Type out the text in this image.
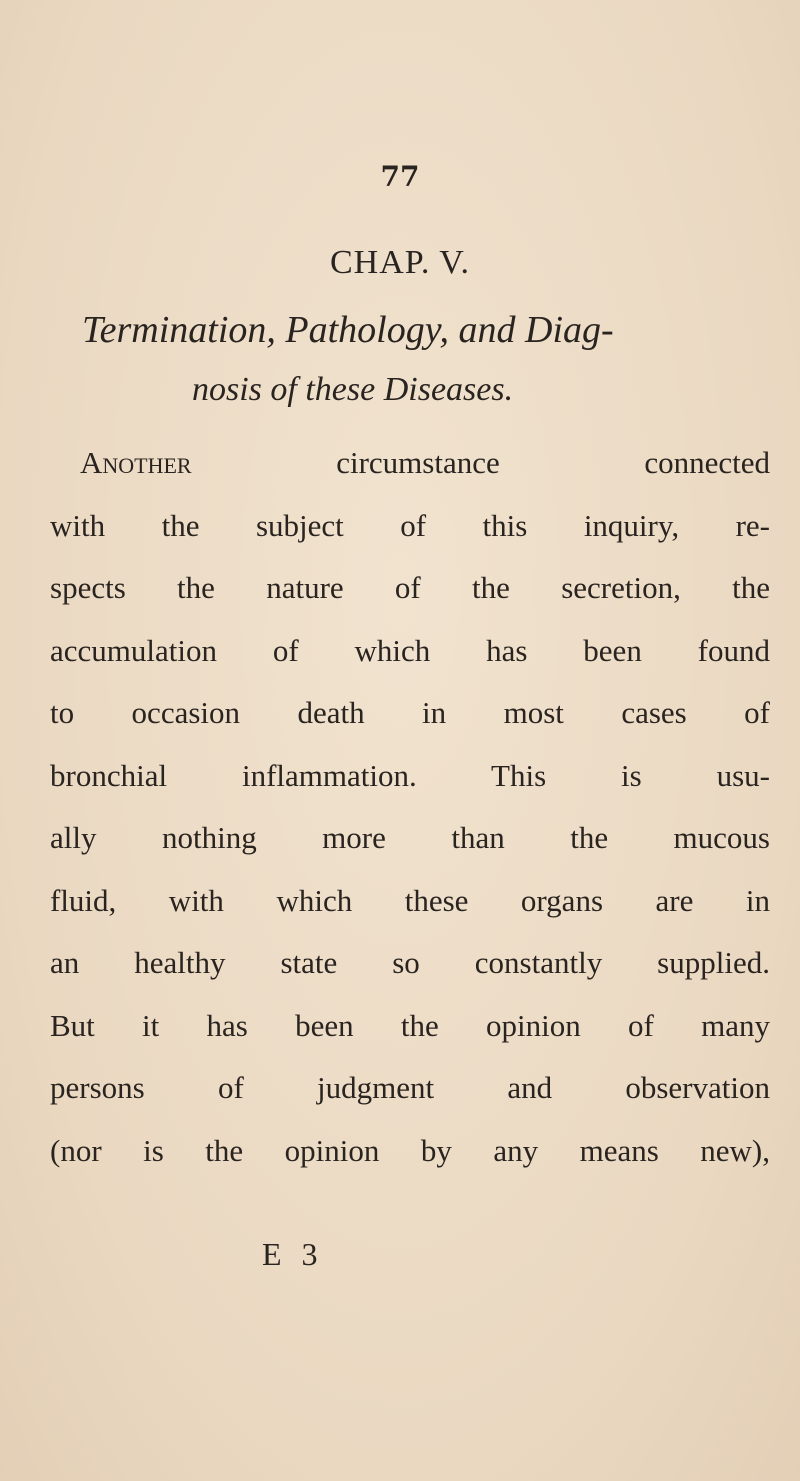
77
CHAP. V.
Termination, Pathology, and Diag-
nosis of these Diseases.
Another	circumstance connected
with the subject of this inquiry, re-
spects the nature of the secretion, the
accumulation of which has been found
to occasion death in most cases of
bronchial inflammation. This is usu-
ally nothing more than the mucous
fluid, with which these organs are in
an healthy state so constantly supplied.
But it has been the opinion of many
persons of judgment and observation
(nor is the opinion by any means new),
E 3
